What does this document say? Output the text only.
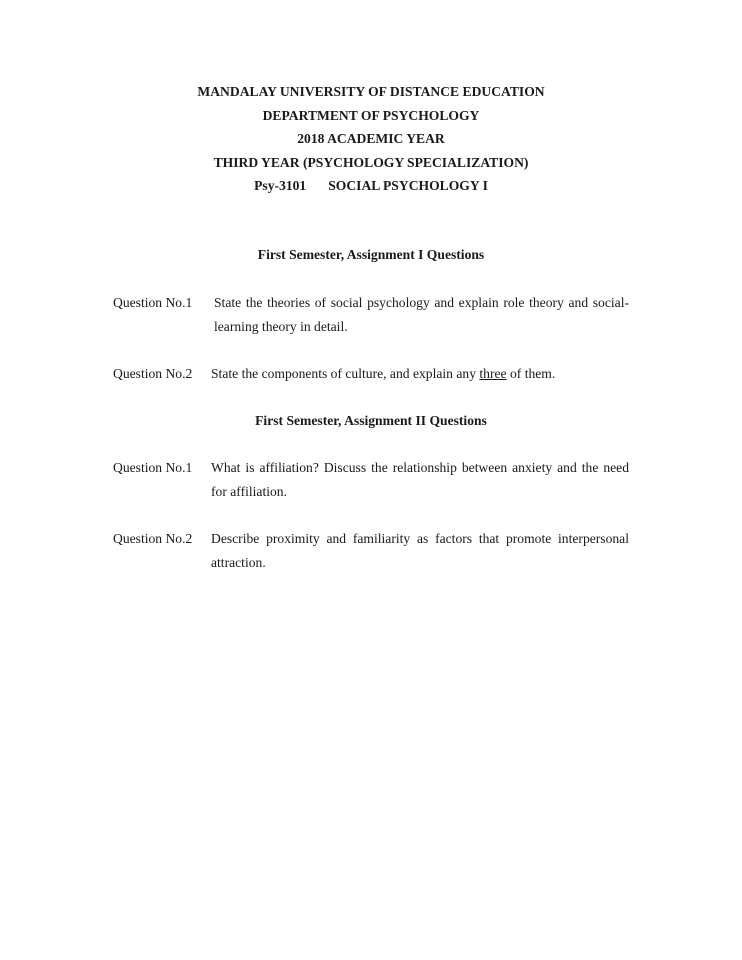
MANDALAY UNIVERSITY OF DISTANCE EDUCATION
DEPARTMENT OF PSYCHOLOGY
2018 ACADEMIC YEAR
THIRD YEAR (PSYCHOLOGY SPECIALIZATION)
Psy-3101 SOCIAL PSYCHOLOGY I
First Semester, Assignment I Questions
Question No.1 State the theories of social psychology and explain role theory and social-learning theory in detail.
Question No.2 State the components of culture, and explain any three of them.
First Semester, Assignment II Questions
Question No.1 What is affiliation? Discuss the relationship between anxiety and the need for affiliation.
Question No.2 Describe proximity and familiarity as factors that promote interpersonal attraction.
